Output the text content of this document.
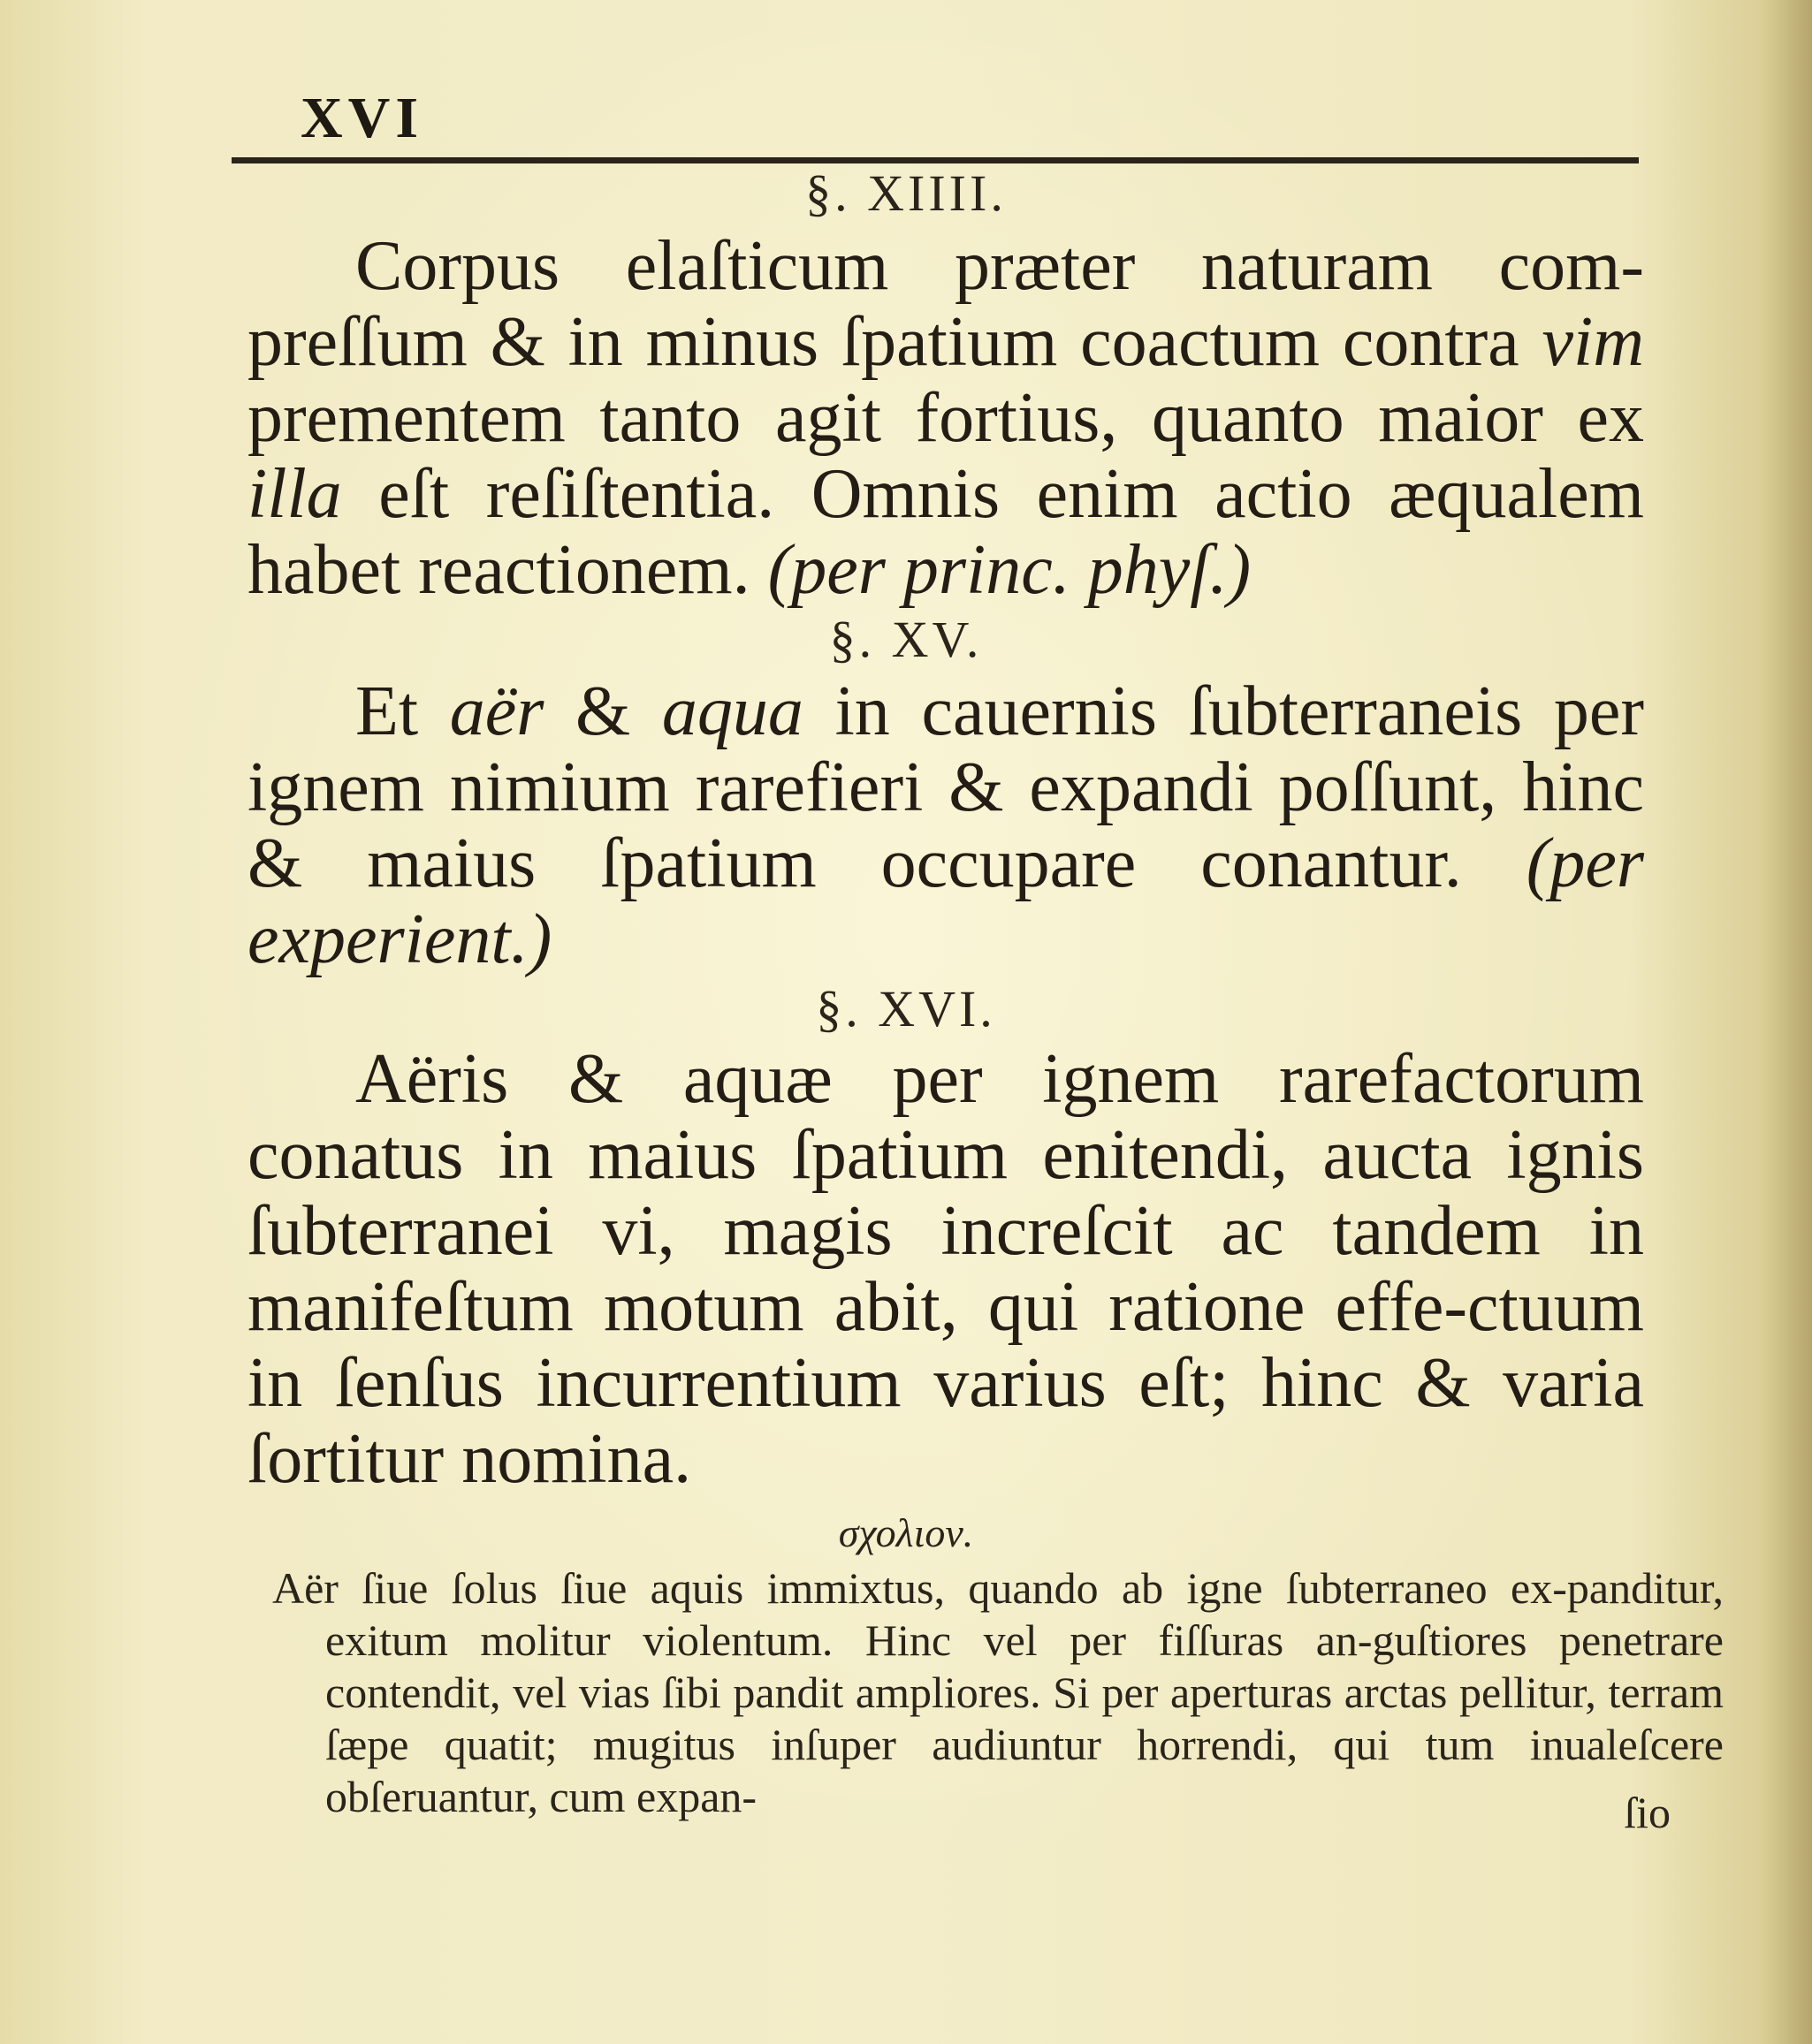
XVI
§. XIIII.
Corpus elaſticum præter naturam com-preſſum & in minus ſpatium coactum contra vim prementem tanto agit fortius, quanto maior ex illa eſt reſiſtentia. Omnis enim actio æqualem habet reactionem. (per princ. phyſ.)
§. XV.
Et aër & aqua in cauernis ſubterraneis per ignem nimium rarefieri & expandi poſſunt, hinc & maius ſpatium occupare conantur. (per experient.)
§. XVI.
Aëris & aquæ per ignem rarefactorum conatus in maius ſpatium enitendi, aucta ignis ſubterranei vi, magis increſcit ac tandem in manifeſtum motum abit, qui ratione effe-ctuum in ſenſus incurrentium varius eſt; hinc & varia ſortitur nomina.
σχολιον.
Aër ſiue ſolus ſiue aquis immixtus, quando ab igne ſubterraneo ex-panditur, exitum molitur violentum. Hinc vel per fiſſuras an-guſtiores penetrare contendit, vel vias ſibi pandit ampliores. Si per aperturas arctas pellitur, terram ſæpe quatit; mugitus inſuper audiuntur horrendi, qui tum inualeſcere obſeruantur, cum expan-	ſio
